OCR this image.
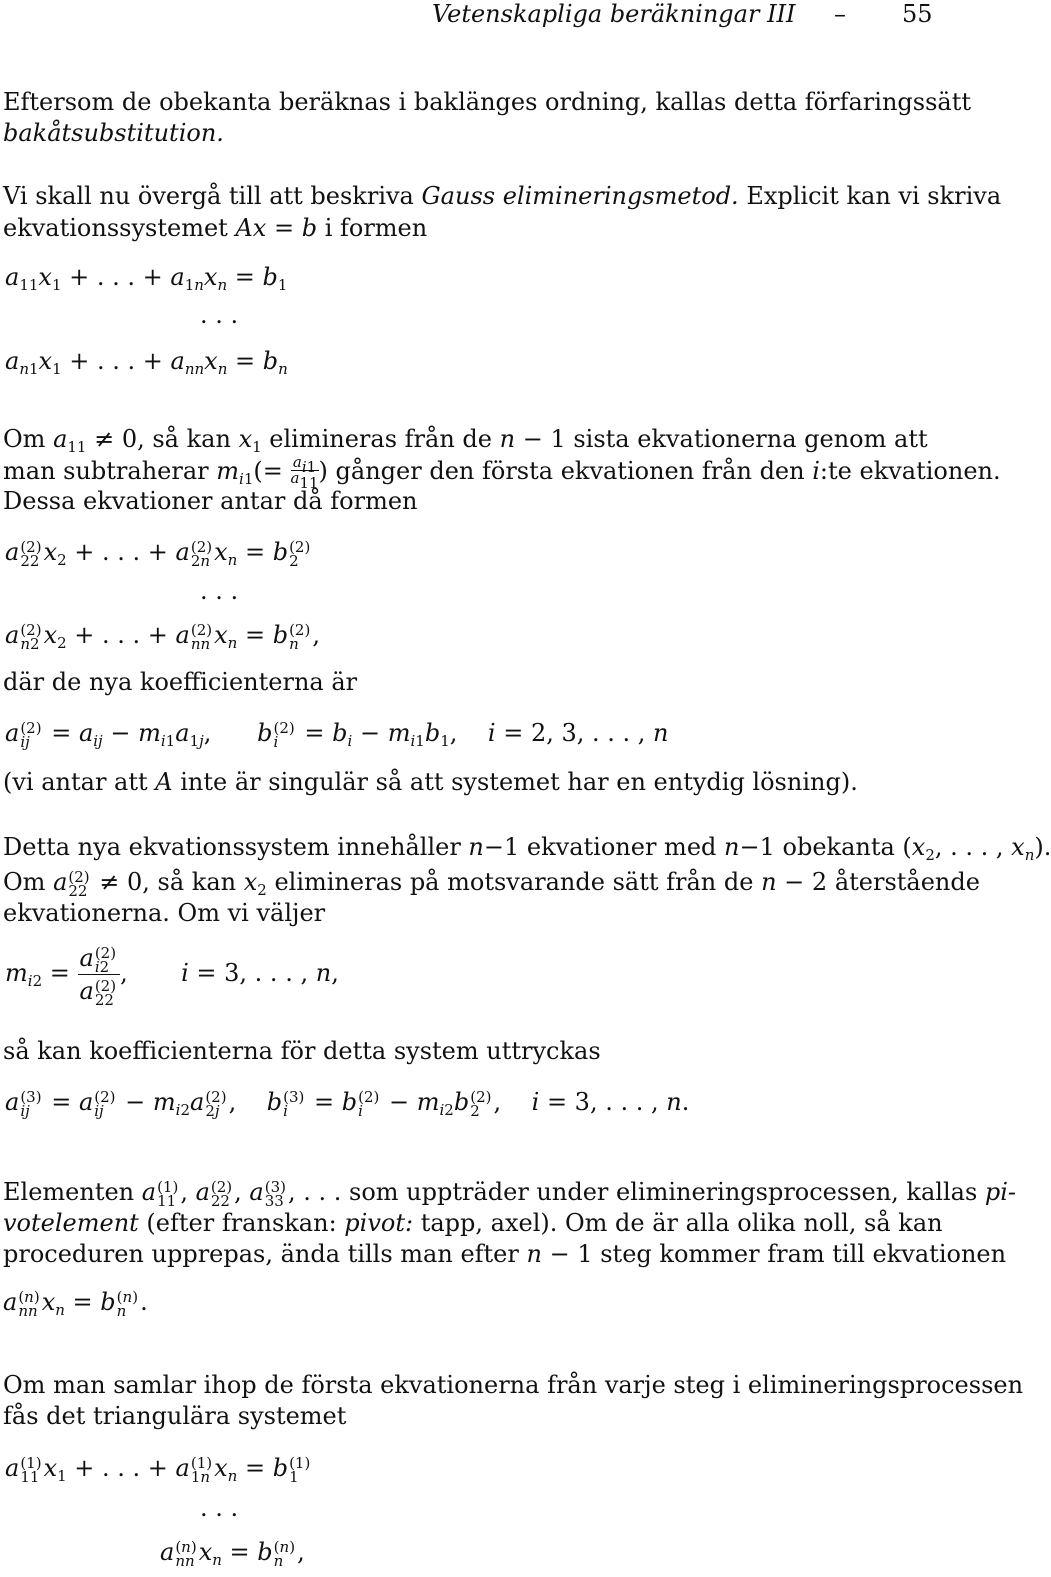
Vetenskapliga beräkningar III – 55
Eftersom de obekanta beräknas i baklänges ordning, kallas detta förfaringssätt
bakåtsubstitution.
Vi skall nu övergå till att beskriva Gauss elimineringsmetod. Explicit kan vi skriva
ekvationssystemet Ax = b i formen
$a_{11}x_1$ + . . . + $a_{1n}x_n = b_1$
. . .
$a_{n1}x_1$ + . . . + $a_{nn}x_n = b_n$
Om $a_{11} \ne 0$, så kan $x_1$ elimineras från de n − 1 sista ekvationerna genom att
man subtraherar $m_{i1}(= \frac{a_{i1}}{a_{11}}$ ) gånger den första ekvationen från den i:te ekvationen.
Dessa ekvationer antar då formen
a (2)
22 $x_2$ + . . . + a (2)
2n $x_n = b$ (2)
2
. . .
a (2)
n2 $x_2$ + . . . + a (2)
nn $x_n = b$ (2)
n ,
där de nya koefficienterna är
a (2)
ij = $a_{ij} - m_{i1}a_{1j}$,      b (2)
$i = b_i - m_{i1}b_1$,    i = 2, 3, . . . , n
(vi antar att A inte är singulär så att systemet har en entydig lösning).
Detta nya ekvationssystem innehåller n−1 ekvationer med n−1 obekanta ($x_2$, . . . , $x_n$).
Om a (2)
22 ≠ 0, så kan $x_2$ elimineras på motsvarande sätt från de n − 2 återstående
ekvationerna. Om vi väljer
$m_{i2} = a$ (2)
i2
a (2)
22 ,       i = 3, . . . , n,
så kan koefficienterna för detta system uttryckas
a (3)
ij = a (2)
ij − $m_{i2}a$ (2)
2j ,    b (3)
i = b (2)
$i - m_{i2}b$ (2)
2 ,    i = 3, . . . , n.
Elementen a (1)
11 , a (2)
22 , a (3)
33 , . . . som uppträder under elimineringsprocessen, kallas pi-
votelement (efter franskan: pivot: tapp, axel). Om de är alla olika noll, så kan
proceduren upprepas, ända tills man efter n − 1 steg kommer fram till ekvationen
a (n)
nn $x_n = b$ (n)
n .
Om man samlar ihop de första ekvationerna från varje steg i elimineringsprocessen
fås det triangulära systemet
a (1)
11 $x_1$ + . . . + a (1)
1n $x_n = b$ (1)
1
. . .
a (n)
nn $x_n = b$ (n)
n ,
